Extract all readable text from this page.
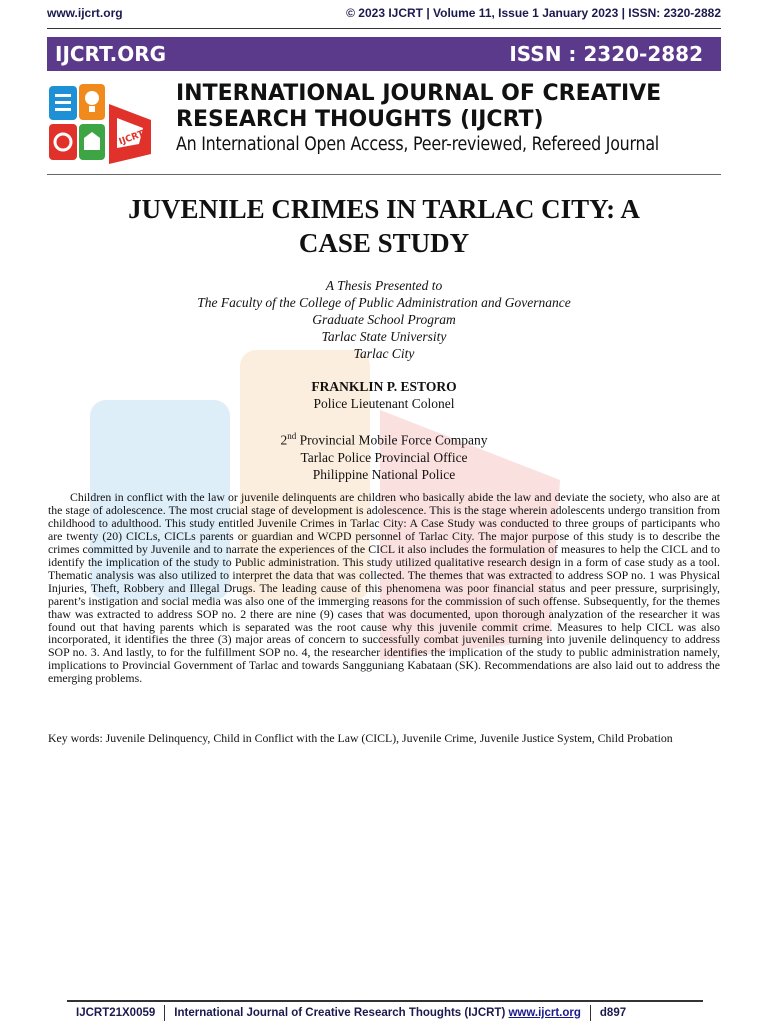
www.ijcrt.org	© 2023 IJCRT | Volume 11, Issue 1 January 2023 | ISSN: 2320-2882
IJCRT.ORG	ISSN : 2320-2882
IJCRT
INTERNATIONAL JOURNAL OF CREATIVE
RESEARCH THOUGHTS (IJCRT)
An International Open Access, Peer-reviewed, Refereed Journal
JUVENILE CRIMES IN TARLAC CITY: A
CASE STUDY
A Thesis Presented to
The Faculty of the College of Public Administration and Governance
Graduate School Program
Tarlac State University
Tarlac City
FRANKLIN P. ESTORO
Police Lieutenant Colonel
2nd Provincial Mobile Force Company
Tarlac Police Provincial Office
Philippine National Police

Children in conflict with the law or juvenile delinquents are children who basically abide the law and deviate the society, who also are at the stage of adolescence. The most crucial stage of development is adolescence. This is the stage wherein adolescents undergo transition from childhood to adulthood. This study entitled Juvenile Crimes in Tarlac City: A Case Study was conducted to three groups of participants who are twenty (20) CICLs, CICLs parents or guardian and WCPD personnel of Tarlac City. The major purpose of this study is to describe the crimes committed by Juvenile and to narrate the experiences of the CICL it also includes the formulation of measures to help the CICL and to identify the implication of the study to Public administration. This study utilized qualitative research design in a form of case study as a tool. Thematic analysis was also utilized to interpret the data that was collected. The themes that was extracted to address SOP no. 1 was Physical Injuries, Theft, Robbery and Illegal Drugs. The leading cause of this phenomena was poor financial status and peer pressure, surprisingly, parent’s instigation and social media was also one of the immerging reasons for the commission of such offense. Subsequently, for the themes thaw was extracted to address SOP no. 2 there are nine (9) cases that was documented, upon thorough analyzation of the researcher it was found out that having parents which is separated was the root cause why this juvenile commit crime. Measures to help CICL was also incorporated, it identifies the three (3) major areas of concern to successfully combat juveniles turning into juvenile delinquency to address SOP no. 3. And lastly, to for the fulfillment SOP no. 4, the researcher identifies the implication of the study to public administration namely, implications to Provincial Government of Tarlac and towards Sangguniang Kabataan (SK). Recommendations are also laid out to address the emerging problems.

Key words: Juvenile Delinquency, Child in Conflict with the Law (CICL), Juvenile Crime, Juvenile Justice System, Child Probation
IJCRT21X0059	International Journal of Creative Research Thoughts (IJCRT) www.ijcrt.org	d897
